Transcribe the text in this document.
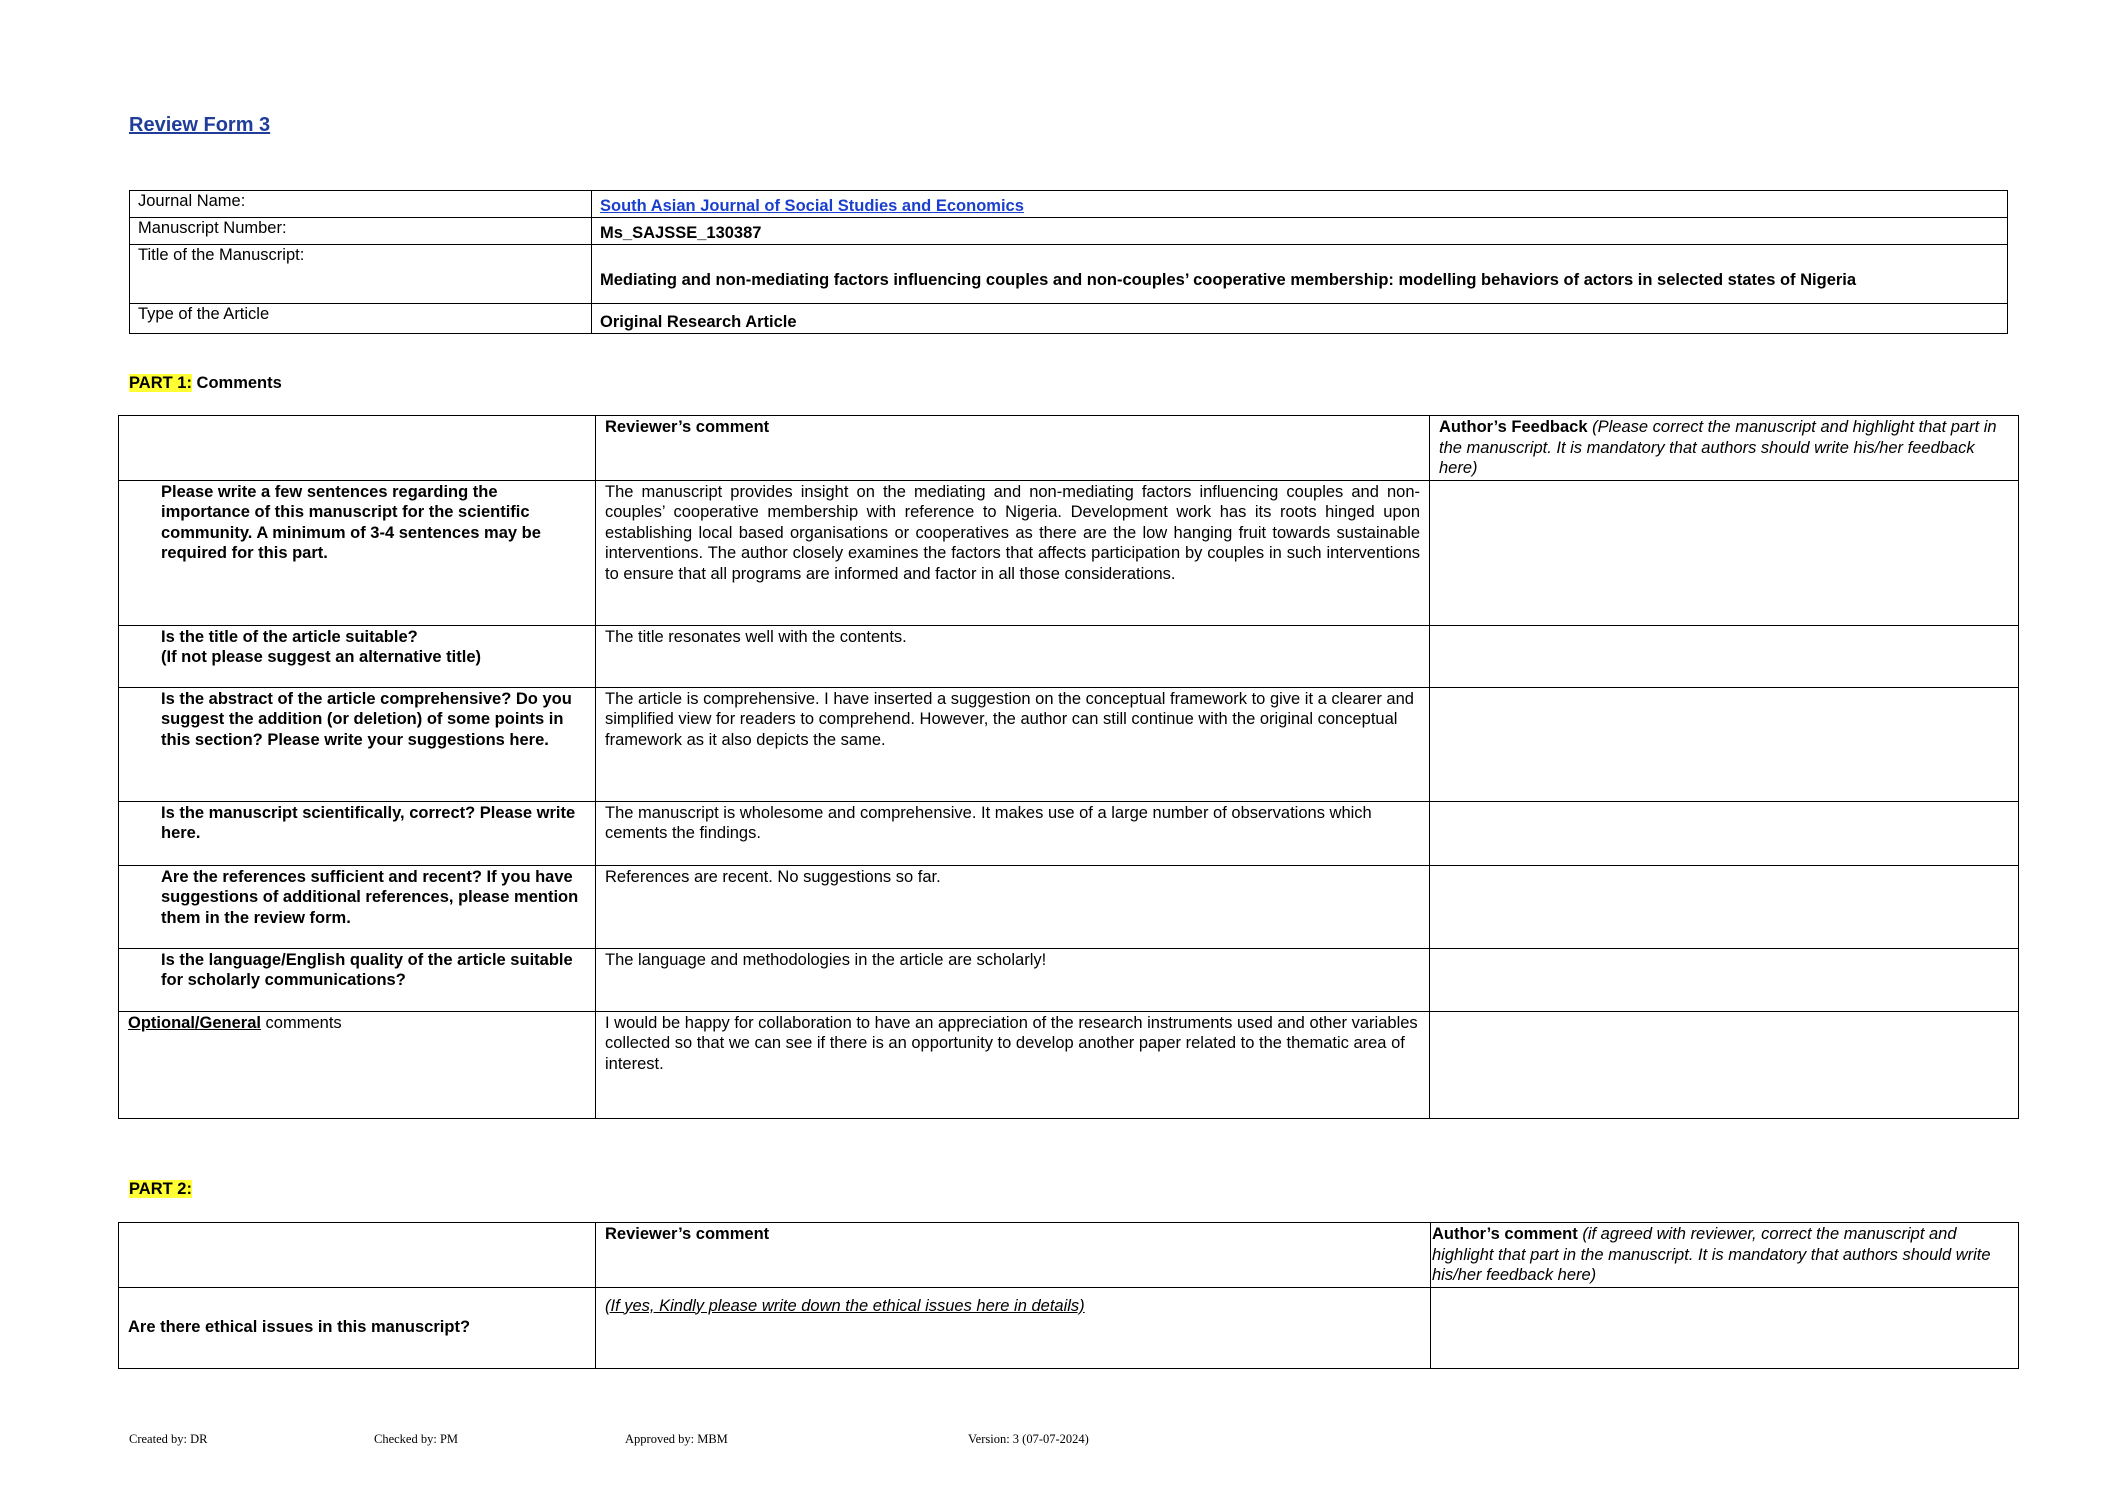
Review Form 3
Journal Name:	South Asian Journal of Social Studies and Economics
Manuscript Number:	Ms_SAJSSE_130387
Title of the Manuscript:	Mediating and non-mediating factors influencing couples and non-couples’ cooperative membership: modelling behaviors of actors in selected states of Nigeria
Type of the Article	Original Research Article
PART 1: Comments
	Reviewer’s comment	Author’s Feedback (Please correct the manuscript and highlight that part in the manuscript. It is mandatory that authors should write his/her feedback here)
Please write a few sentences regarding the importance of this manuscript for the scientific community. A minimum of 3-4 sentences may be required for this part.	The manuscript provides insight on the mediating and non-mediating factors influencing couples and non-couples’ cooperative membership with reference to Nigeria. Development work has its roots hinged upon establishing local based organisations or cooperatives as there are the low hanging fruit towards sustainable interventions. The author closely examines the factors that affects participation by couples in such interventions to ensure that all programs are informed and factor in all those considerations.	

Is the title of the article suitable?
(If not please suggest an alternative title)	The title resonates well with the contents.	
Is the abstract of the article comprehensive? Do you suggest the addition (or deletion) of some points in this section? Please write your suggestions here.	The article is comprehensive. I have inserted a suggestion on the conceptual framework to give it a clearer and simplified view for readers to comprehend. However, the author can still continue with the original conceptual framework as it also depicts the same.	
Is the manuscript scientifically, correct? Please write here.	The manuscript is wholesome and comprehensive. It makes use of a large number of observations which cements the findings.	
Are the references sufficient and recent? If you have suggestions of additional references, please mention them in the review form.	References are recent. No suggestions so far.	
Is the language/English quality of the article suitable for scholarly communications?	The language and methodologies in the article are scholarly!	
Optional/General comments	I would be happy for collaboration to have an appreciation of the research instruments used and other variables collected so that we can see if there is an opportunity to develop another paper related to the thematic area of interest.	
PART 2:
	Reviewer’s comment	Author’s comment (if agreed with reviewer, correct the manuscript and highlight that part in the manuscript. It is mandatory that authors should write his/her feedback here)
Are there ethical issues in this manuscript?	(If yes, Kindly please write down the ethical issues here in details)	
Created by: DR	Checked by: PM	Approved by: MBM	Version: 3 (07-07-2024)
